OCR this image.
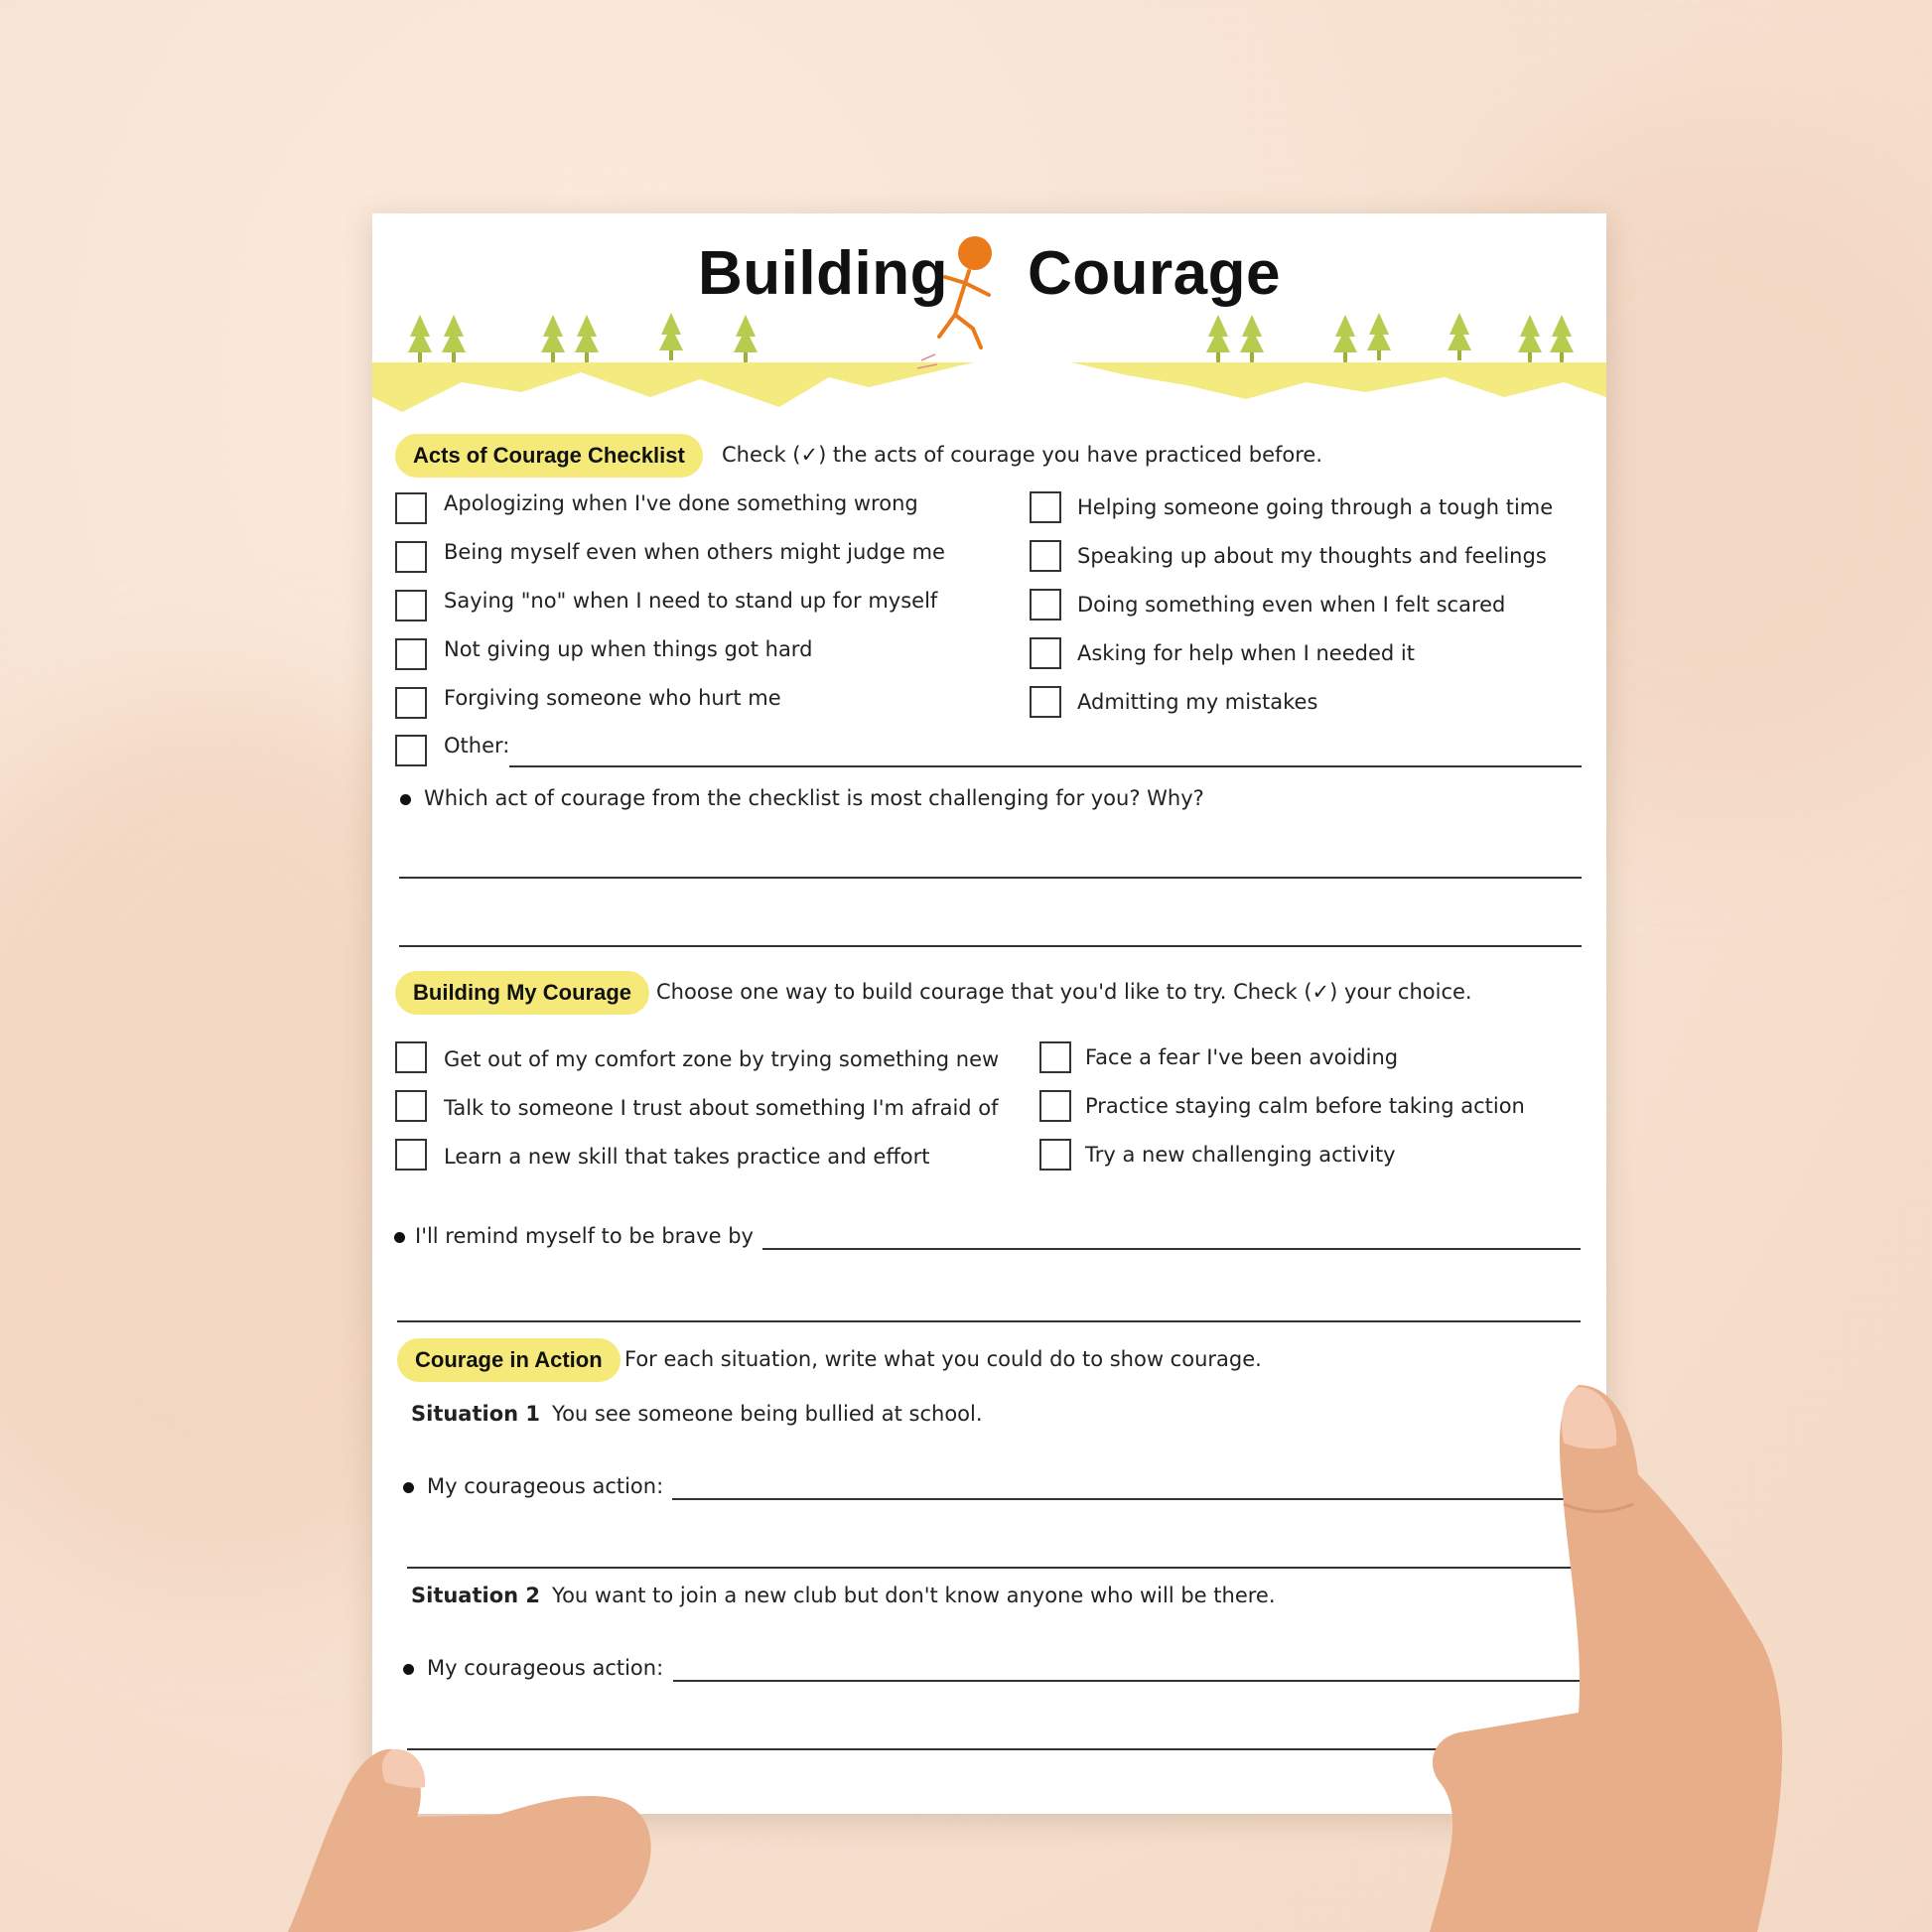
Building Courage
Acts of Courage Checklist	Check (✓) the acts of courage you have practiced before.
Apologizing when I've done something wrong
Being myself even when others might judge me
Saying "no" when I need to stand up for myself
Not giving up when things got hard
Forgiving someone who hurt me
Other:
Helping someone going through a tough time
Speaking up about my thoughts and feelings
Doing something even when I felt scared
Asking for help when I needed it
Admitting my mistakes
Which act of courage from the checklist is most challenging for you? Why?
Building My Courage	Choose one way to build courage that you'd like to try. Check (✓) your choice.
Get out of my comfort zone by trying something new
Talk to someone I trust about something I'm afraid of
Learn a new skill that takes practice and effort
Face a fear I've been avoiding
Practice staying calm before taking action
Try a new challenging activity
I'll remind myself to be brave by
Courage in Action	For each situation, write what you could do to show courage.
Situation 1 You see someone being bullied at school.
My courageous action:
Situation 2 You want to join a new club but don't know anyone who will be there.
My courageous action:
